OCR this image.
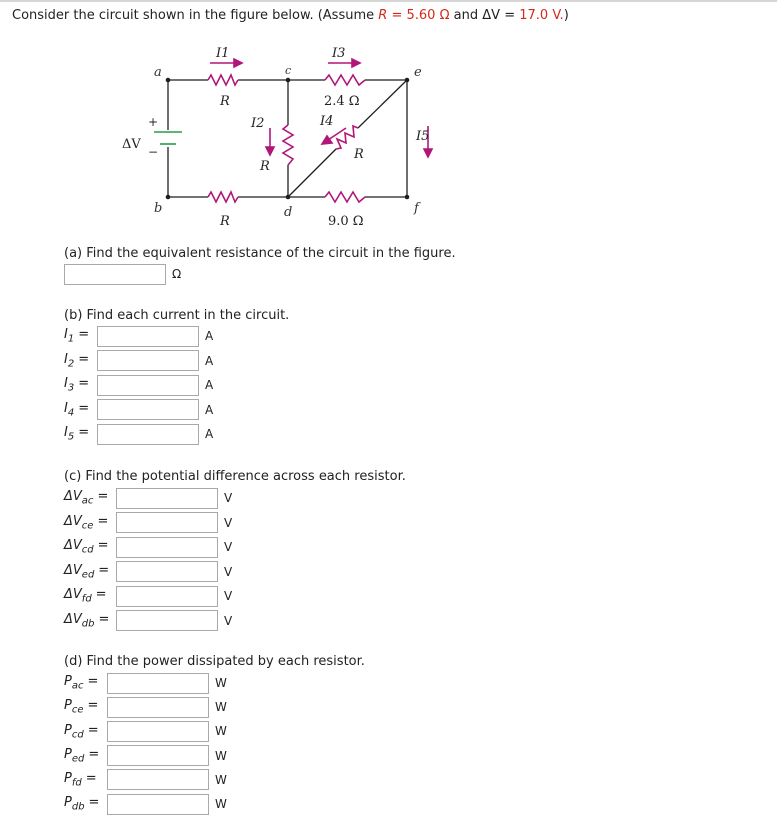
Consider the circuit shown in the figure below. (Assume R = 5.60 Ω and ΔV = 17.0 V.)
a	c	e
b	d	f
I1	I3
I2	I4
I5
R	2.4 Ω
R
R
R	9.0 Ω
+
ΔV −
(a) Find the equivalent resistance of the circuit in the figure.
Ω
(b) Find each current in the circuit.
$I_1$ =	A
$I_2$ =	A
$I_3$ =	A
$I_4$ =	A
$I_5$ =	A
(c) Find the potential difference across each resistor.
$\Delta V_{ac}$ =	V
$\Delta V_{ce}$ =	V
$\Delta V_{cd}$ =	V
$\Delta V_{ed}$ =	V
$\Delta V_{fd}$ =	V
$\Delta V_{db}$ =	V
(d) Find the power dissipated by each resistor.
$P_{ac}$ =	W
$P_{ce}$ =	W
$P_{cd}$ =	W
$P_{ed}$ =	W
$P_{fd}$ =	W
$P_{db}$ =	W
